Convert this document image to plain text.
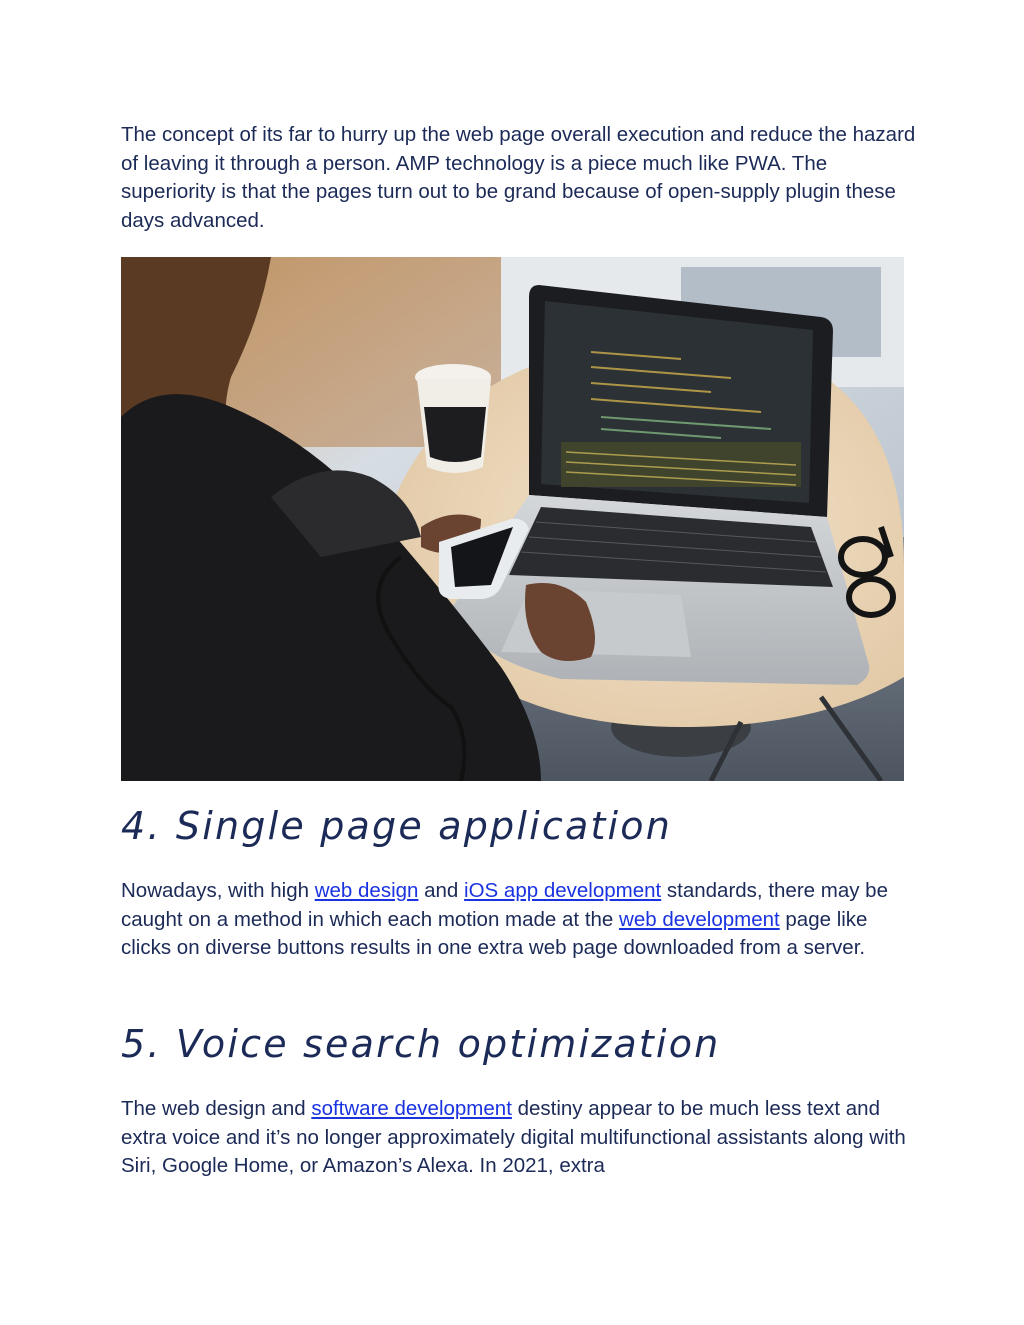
The concept of its far to hurry up the web page overall execution and reduce the hazard of leaving it through a person. AMP technology is a piece much like PWA. The superiority is that the pages turn out to be grand because of open-supply plugin these days advanced.

4. Single page application

Nowadays, with high web design and iOS app development standards, there may be caught on a method in which each motion made at the web development page like clicks on diverse buttons results in one extra web page downloaded from a server.

5. Voice search optimization

The web design and software development destiny appear to be much less text and extra voice and it’s no longer approximately digital multifunctional assistants along with Siri, Google Home, or Amazon’s Alexa. In 2021, extra
